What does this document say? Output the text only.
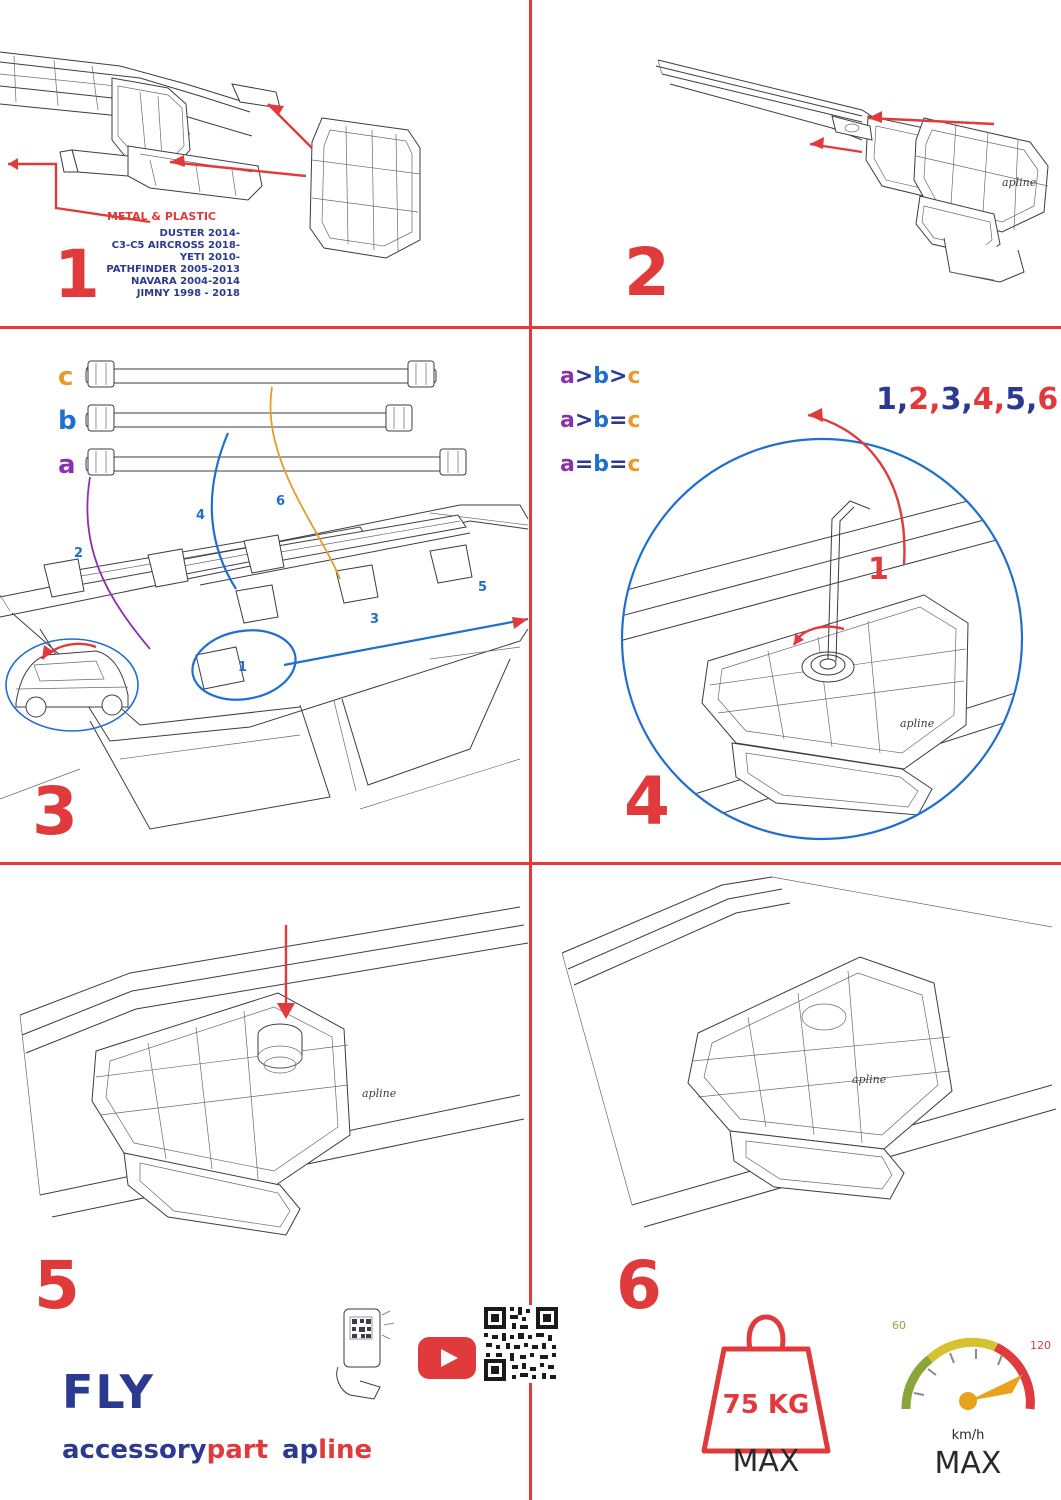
METAL & PLASTIC
DUSTER 2014-
C3-C5 AIRCROSS 2018-
YETI 2010-
PATHFINDER 2005-2013
NAVARA 2004-2014
JIMNY 1998 - 2018
1
apline
2
c
b
a
4
6
2
3
5
1
3
a>b>c
a>b=c
a=b=c
1
apline
1,2,3,4,5,6
4
apline
5
FLY
accessorypart apline
apline
6
75 KG
MAX
60
120
km/h
MAX
